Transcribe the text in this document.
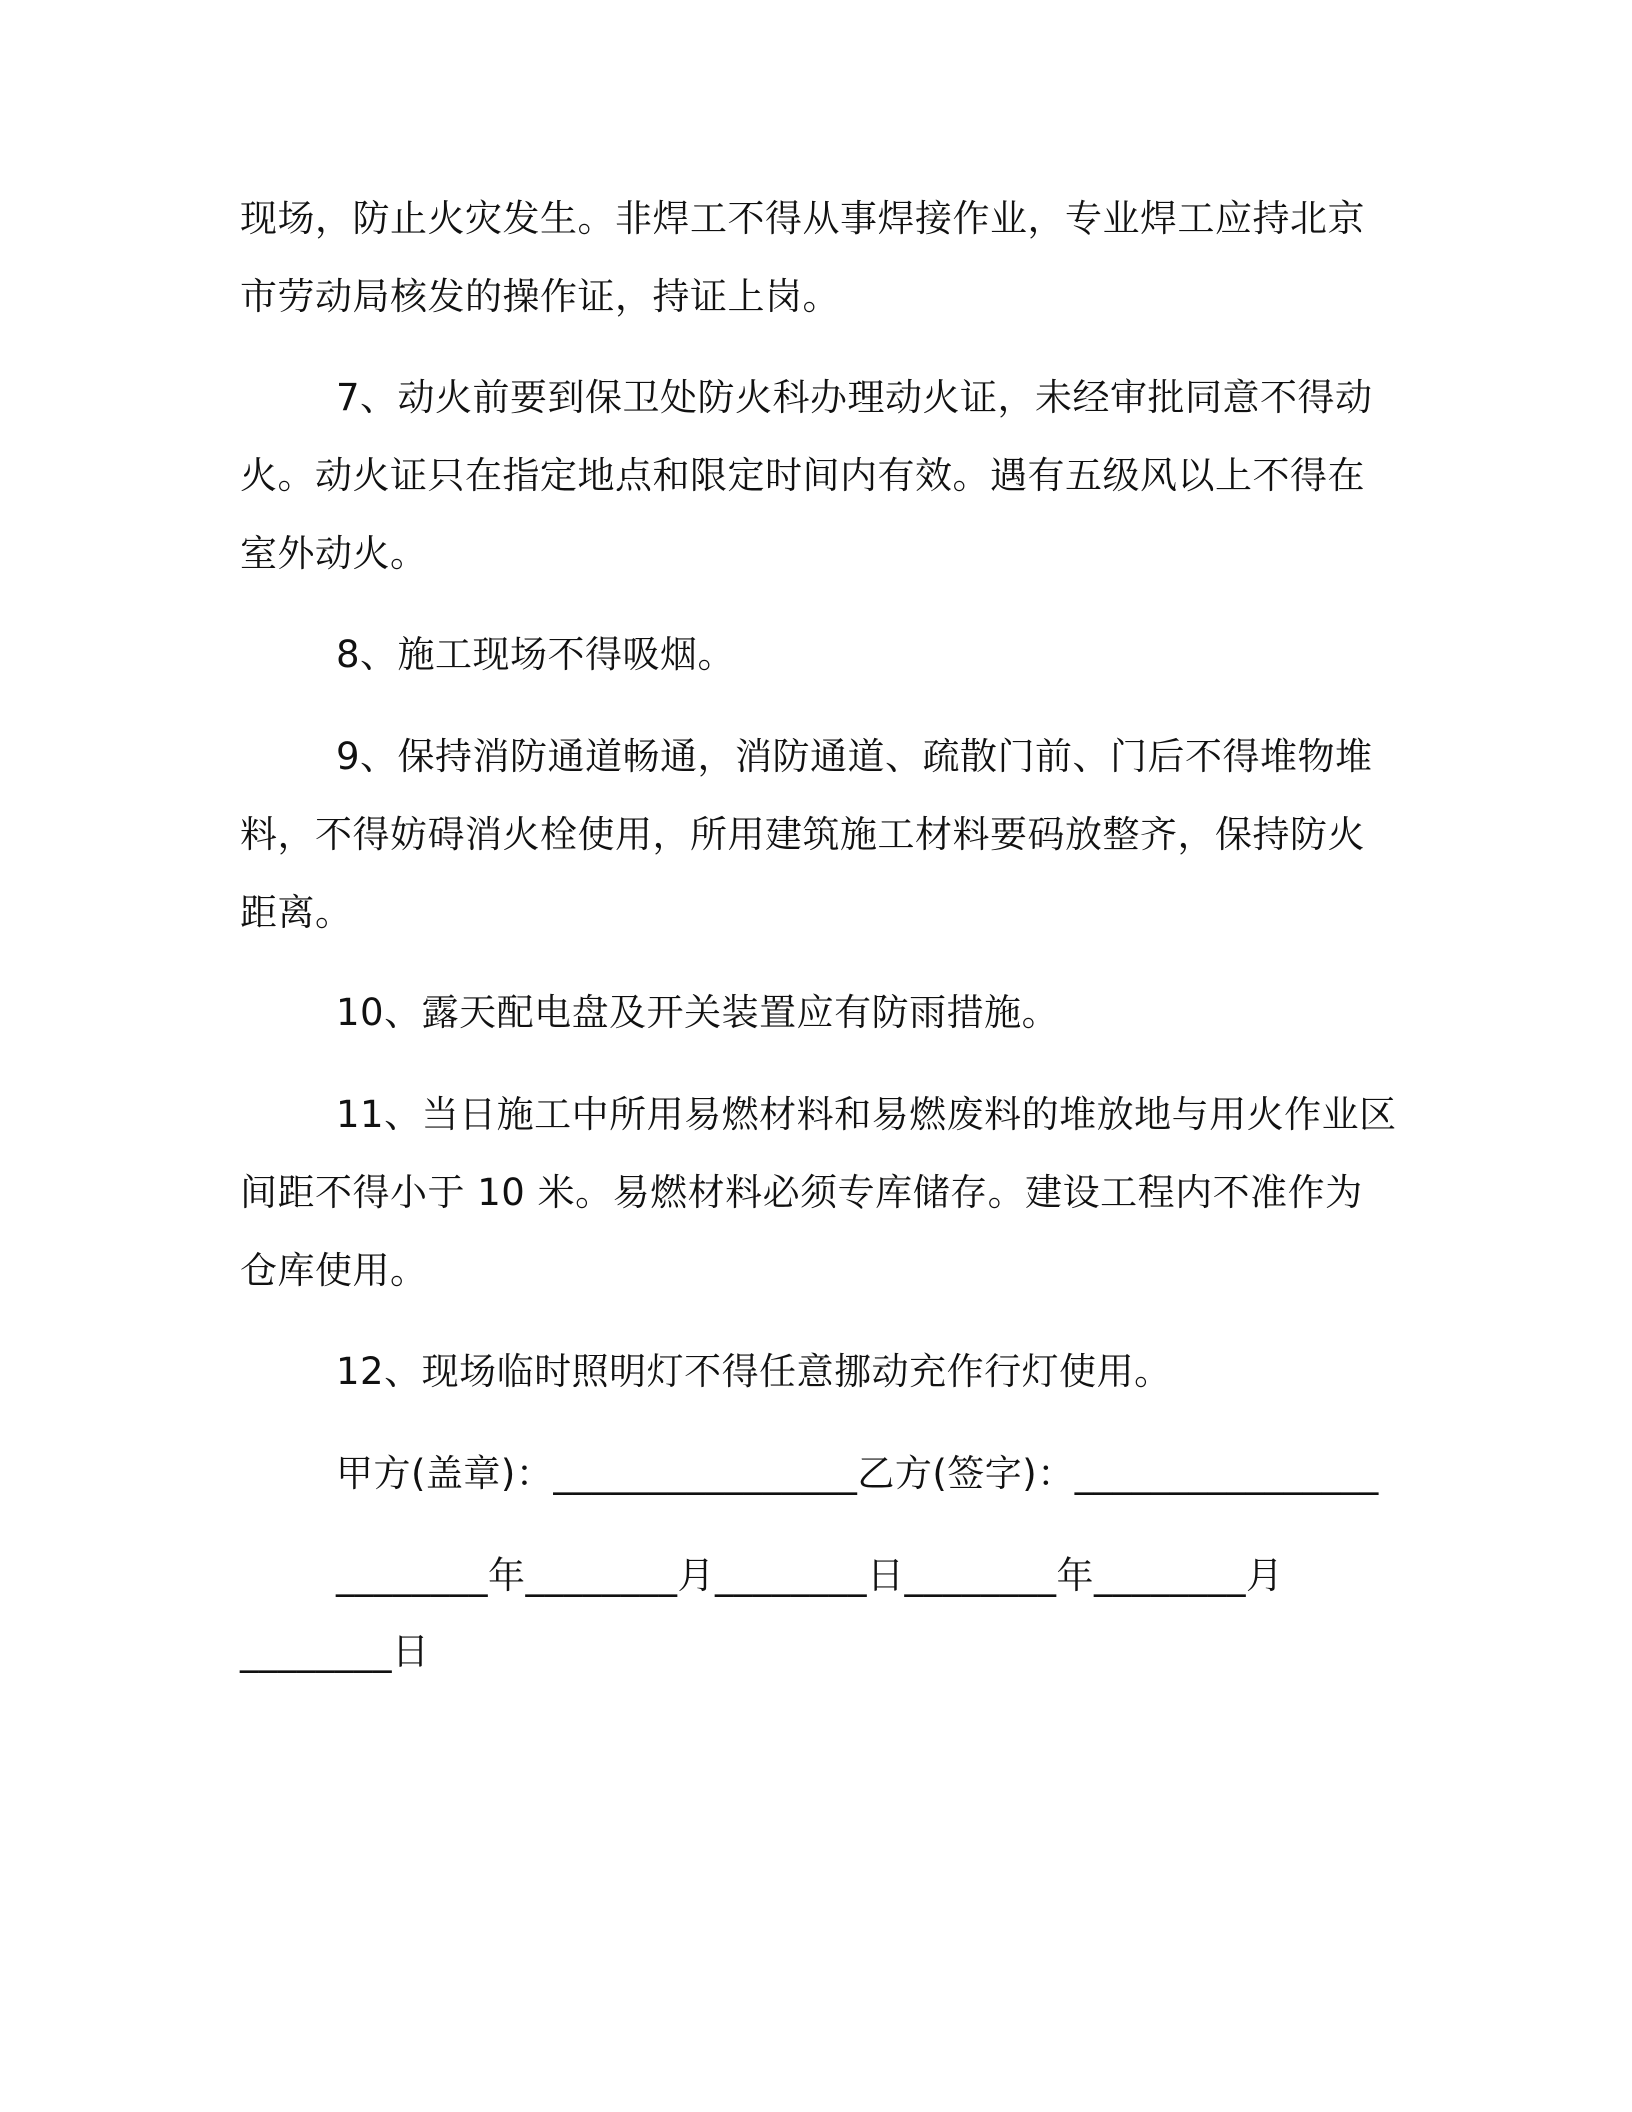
现场，防止火灾发生。非焊工不得从事焊接作业，专业焊工应持北京市劳动局核发的操作证，持证上岗。

7、动火前要到保卫处防火科办理动火证，未经审批同意不得动火。动火证只在指定地点和限定时间内有效。遇有五级风以上不得在室外动火。

8、施工现场不得吸烟。

9、保持消防通道畅通，消防通道、疏散门前、门后不得堆物堆料，不得妨碍消火栓使用，所用建筑施工材料要码放整齐，保持防火距离。

10、露天配电盘及开关装置应有防雨措施。

11、当日施工中所用易燃材料和易燃废料的堆放地与用火作业区间距不得小于 10 米。易燃材料必须专库储存。建设工程内不准作为仓库使用。

12、现场临时照明灯不得任意挪动充作行灯使用。

甲方(盖章)：________________乙方(签字)：________________
________年________月________日________年________月
________日
